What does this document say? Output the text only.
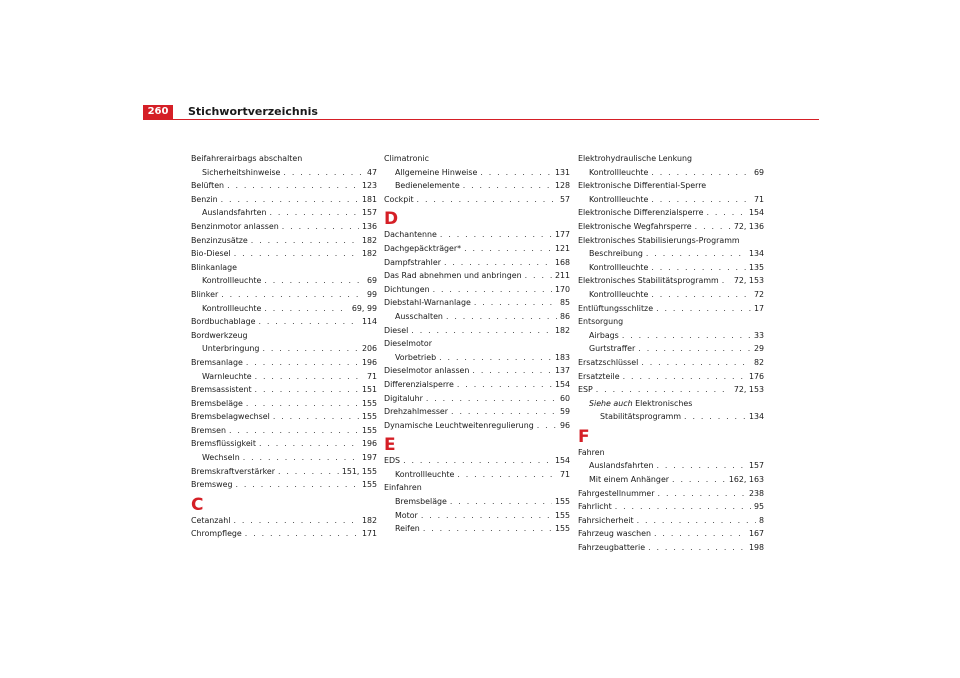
260	Stichwortverzeichnis
Beifahrerairbags abschalten
Sicherheitshinweise . . .	47
Belüften . . .	123
Benzin . . .	181
Auslandsfahrten . . .	157
Benzinmotor anlassen . . .	136
Benzinzusätze . . .	182
Bio-Diesel . . .	182
Blinkanlage
Kontrollleuchte . . .	69
Blinker . . .	99
Kontrollleuchte . . .	69, 99
Bordbuchablage . . .	114
Bordwerkzeug
Unterbringung . . .	206
Bremsanlage . . .	196
Warnleuchte . . .	71
Bremsassistent . . .	151
Bremsbeläge . . .	155
Bremsbelagwechsel . . .	155
Bremsen . . .	155
Bremsflüssigkeit . . .	196
Wechseln . . .	197
Bremskraftverstärker . . .	151, 155
Bremsweg . . .	155
C
Cetanzahl . . .	182
Chrompflege . . .	171
Climatronic
Allgemeine Hinweise . . .	131
Bedienelemente . . .	128
Cockpit . . .	57
D
Dachantenne . . .	177
Dachgepäckträger* . . .	121
Dampfstrahler . . .	168
Das Rad abnehmen und anbringen . . .	211
Dichtungen . . .	170
Diebstahl-Warnanlage . . .	85
Ausschalten . . .	86
Diesel . . .	182
Dieselmotor
Vorbetrieb . . .	183
Dieselmotor anlassen . . .	137
Differenzialsperre . . .	154
Digitaluhr . . .	60
Drehzahlmesser . . .	59
Dynamische Leuchtweitenregulierung . . .	96
E
EDS . . .	154
Kontrollleuchte . . .	71
Einfahren
Bremsbeläge . . .	155
Motor . . .	155
Reifen . . .	155
Elektrohydraulische Lenkung
Kontrollleuchte . . .	69
Elektronische Differential-Sperre
Kontrollleuchte . . .	71
Elektronische Differenzialsperre . . .	154
Elektronische Wegfahrsperre . . .	72, 136
Elektronisches Stabilisierungs-Programm
Beschreibung . . .	134
Kontrollleuchte . . .	135
Elektronisches Stabilitätsprogramm . . . 72, 153
Kontrollleuchte . . .	72
Entlüftungsschlitze . . .	17
Entsorgung
Airbags . . .	33
Gurtstraffer . . .	29
Ersatzschlüssel . . .	82
Ersatzteile . . .	176
ESP . . .	72, 153
Siehe auch Elektronisches
Stabilitätsprogramm . . .	134
F
Fahren
Auslandsfahrten . . .	157
Mit einem Anhänger . . .	162, 163
Fahrgestellnummer . . .	238
Fahrlicht . . .	95
Fahrsicherheit . . .	8
Fahrzeug waschen . . .	167
Fahrzeugbatterie . . .	198
